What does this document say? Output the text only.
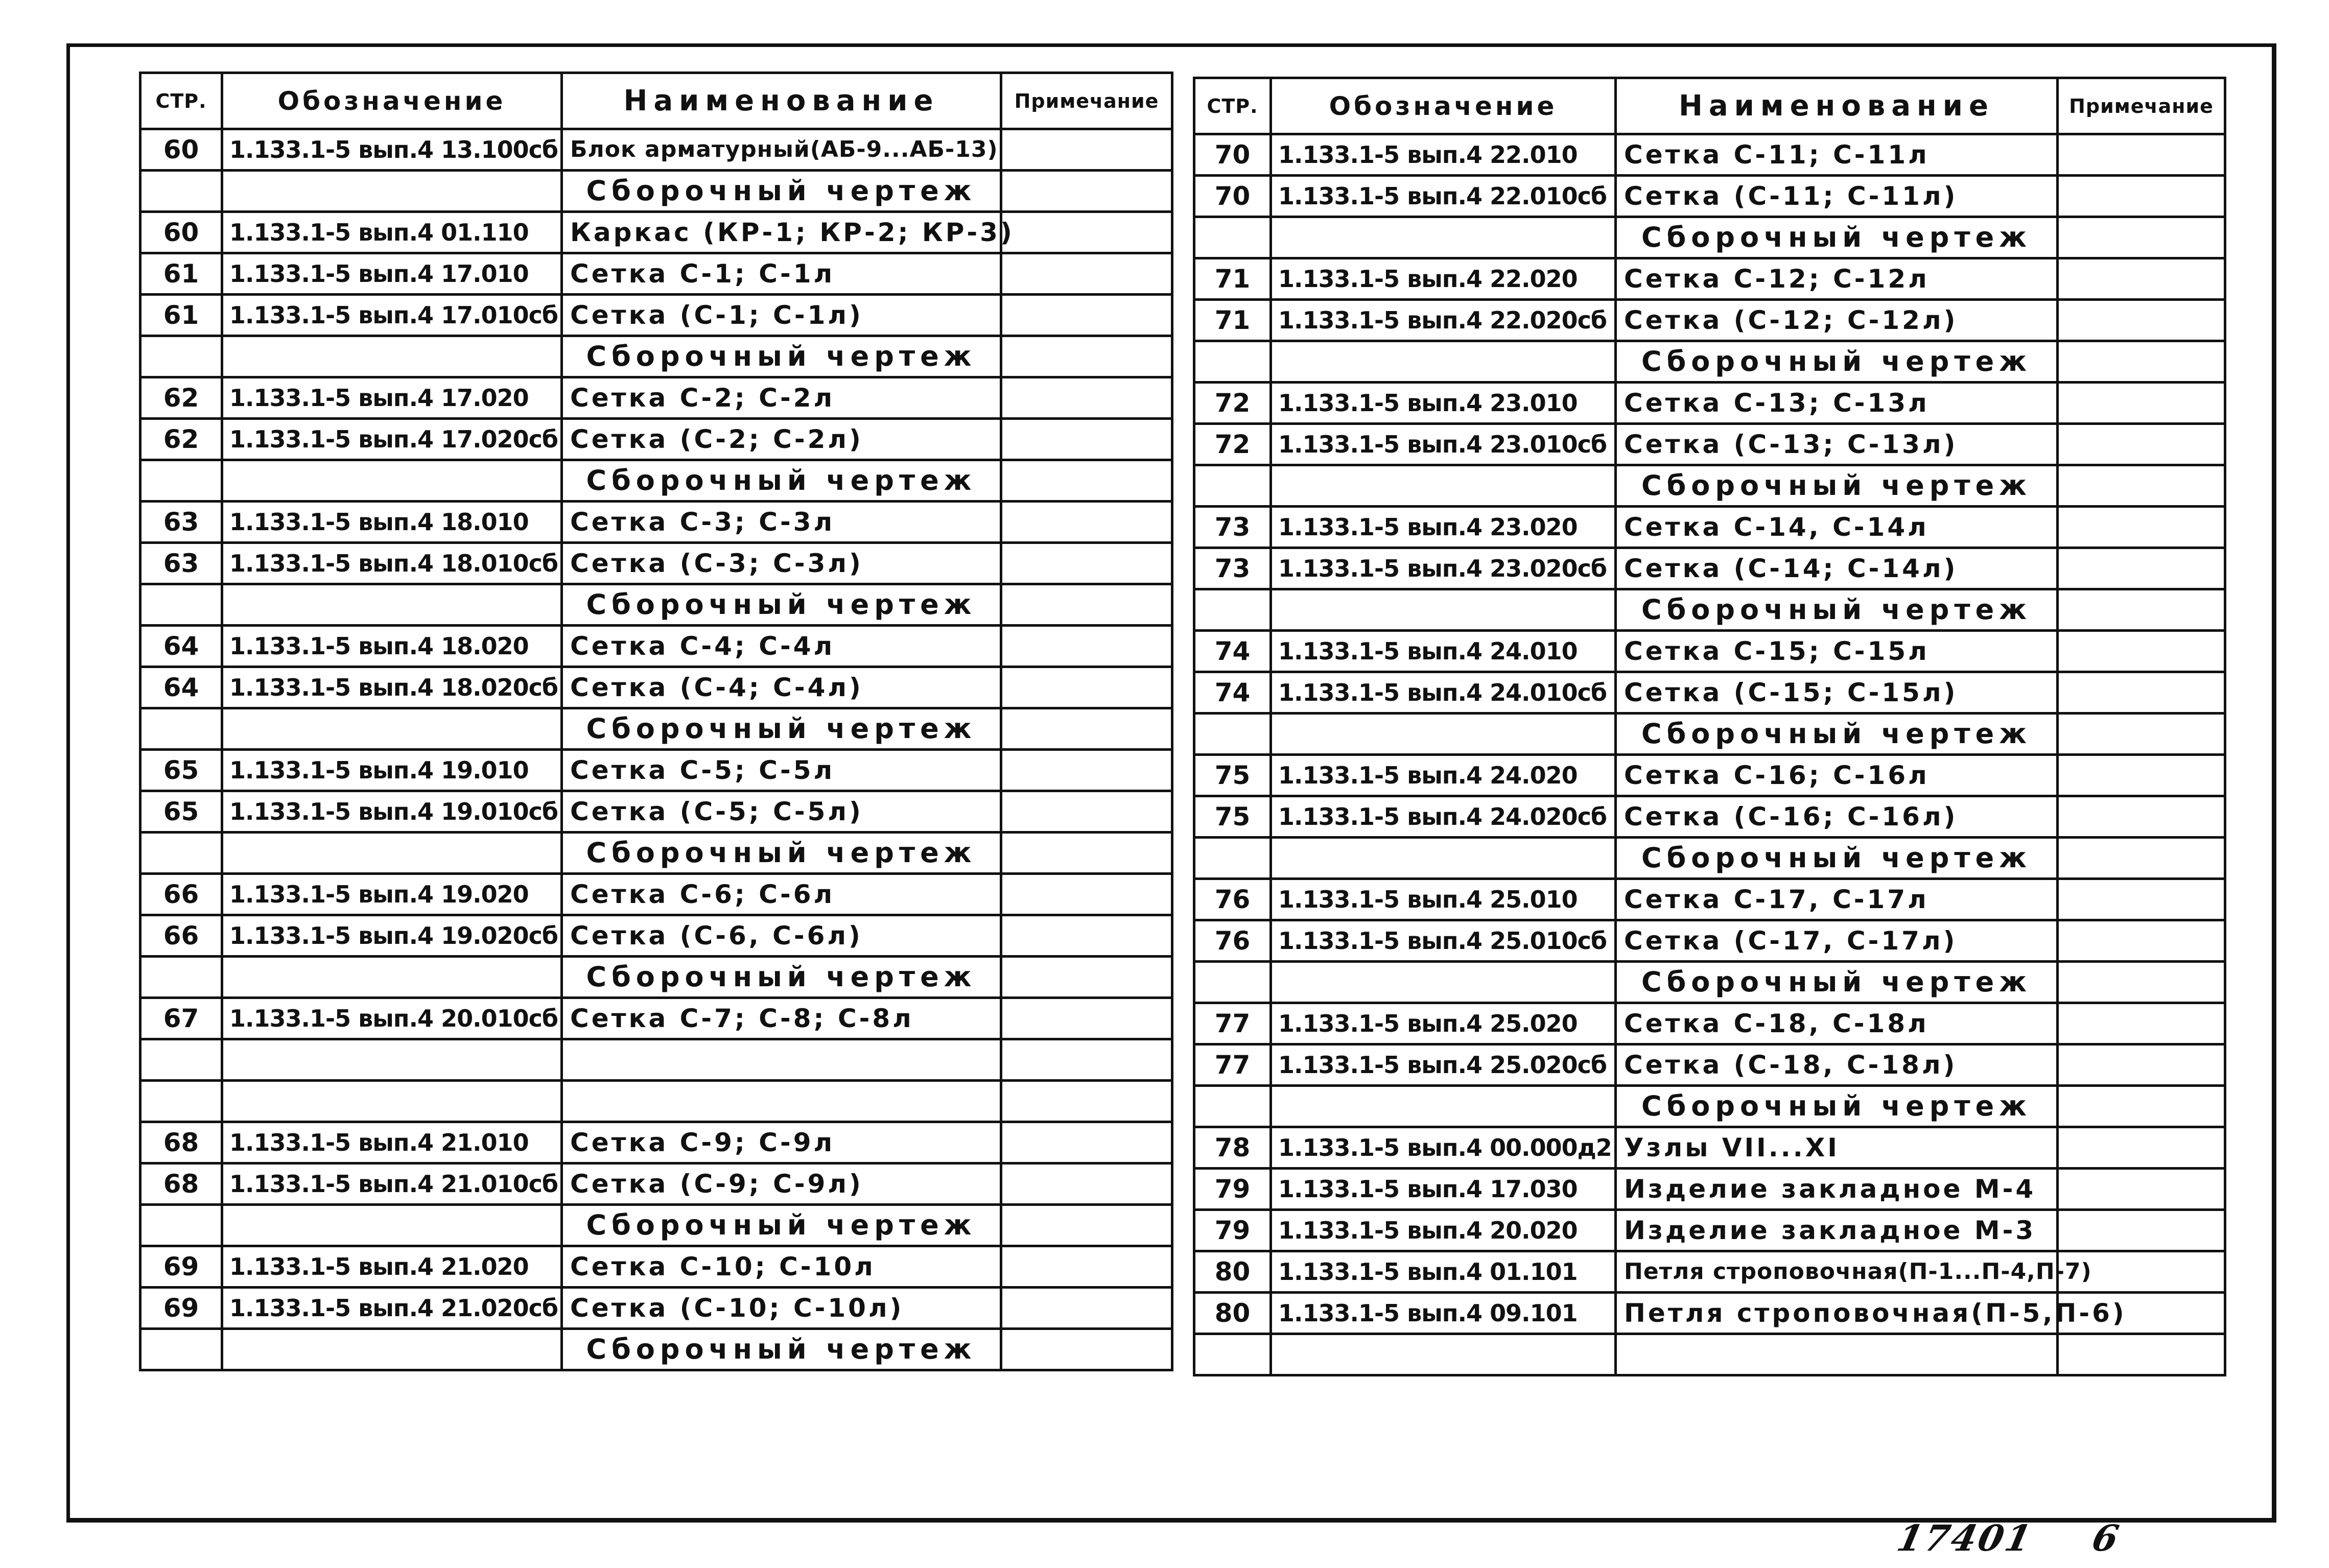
СТР.	Обозначение	Наименование	Примечание
60	1.133.1-5 вып.4 13.100сб	Блок арматурный(АБ-9...АБ-13)	
		Сборочный чертеж	
60	1.133.1-5 вып.4 01.110	Каркас (КР-1; КР-2; КР-3)	
61	1.133.1-5 вып.4 17.010	Сетка С-1; С-1л	
61	1.133.1-5 вып.4 17.010сб	Сетка (С-1; С-1л)	
		Сборочный чертеж	
62	1.133.1-5 вып.4 17.020	Сетка С-2; С-2л	
62	1.133.1-5 вып.4 17.020сб	Сетка (С-2; С-2л)	
		Сборочный чертеж	
63	1.133.1-5 вып.4 18.010	Сетка С-3; С-3л	
63	1.133.1-5 вып.4 18.010сб	Сетка (С-3; С-3л)	
		Сборочный чертеж	
64	1.133.1-5 вып.4 18.020	Сетка С-4; С-4л	
64	1.133.1-5 вып.4 18.020сб	Сетка (С-4; С-4л)	
		Сборочный чертеж	
65	1.133.1-5 вып.4 19.010	Сетка С-5; С-5л	
65	1.133.1-5 вып.4 19.010сб	Сетка (С-5; С-5л)	
		Сборочный чертеж	
66	1.133.1-5 вып.4 19.020	Сетка С-6; С-6л	
66	1.133.1-5 вып.4 19.020сб	Сетка (С-6, С-6л)	
		Сборочный чертеж	
67	1.133.1-5 вып.4 20.010сб	Сетка С-7; С-8; С-8л	

68	1.133.1-5 вып.4 21.010	Сетка С-9; С-9л	
68	1.133.1-5 вып.4 21.010сб	Сетка (С-9; С-9л)	
		Сборочный чертеж	
69	1.133.1-5 вып.4 21.020	Сетка С-10; С-10л	
69	1.133.1-5 вып.4 21.020сб	Сетка (С-10; С-10л)	
		Сборочный чертеж	
СТР.	Обозначение	Наименование	Примечание
70	1.133.1-5 вып.4 22.010	Сетка С-11; С-11л	
70	1.133.1-5 вып.4 22.010сб	Сетка (С-11; С-11л)	
		Сборочный чертеж	
71	1.133.1-5 вып.4 22.020	Сетка С-12; С-12л	
71	1.133.1-5 вып.4 22.020сб	Сетка (С-12; С-12л)	
		Сборочный чертеж	
72	1.133.1-5 вып.4 23.010	Сетка С-13; С-13л	
72	1.133.1-5 вып.4 23.010сб	Сетка (С-13; С-13л)	
		Сборочный чертеж	
73	1.133.1-5 вып.4 23.020	Сетка С-14, С-14л	
73	1.133.1-5 вып.4 23.020сб	Сетка (С-14; С-14л)	
		Сборочный чертеж	
74	1.133.1-5 вып.4 24.010	Сетка С-15; С-15л	
74	1.133.1-5 вып.4 24.010сб	Сетка (С-15; С-15л)	
		Сборочный чертеж	
75	1.133.1-5 вып.4 24.020	Сетка С-16; С-16л	
75	1.133.1-5 вып.4 24.020сб	Сетка (С-16; С-16л)	
		Сборочный чертеж	
76	1.133.1-5 вып.4 25.010	Сетка С-17, С-17л	
76	1.133.1-5 вып.4 25.010сб	Сетка (С-17, С-17л)	
		Сборочный чертеж	
77	1.133.1-5 вып.4 25.020	Сетка С-18, С-18л	
77	1.133.1-5 вып.4 25.020сб	Сетка (С-18, С-18л)	
		Сборочный чертеж	
78	1.133.1-5 вып.4 00.000д2	Узлы VII...XI	
79	1.133.1-5 вып.4 17.030	Изделие закладное М-4	
79	1.133.1-5 вып.4 20.020	Изделие закладное М-3	
80	1.133.1-5 вып.4 01.101	Петля строповочная(П-1...П-4,П-7)	
80	1.133.1-5 вып.4 09.101	Петля строповочная(П-5,П-6)	

17401 6
